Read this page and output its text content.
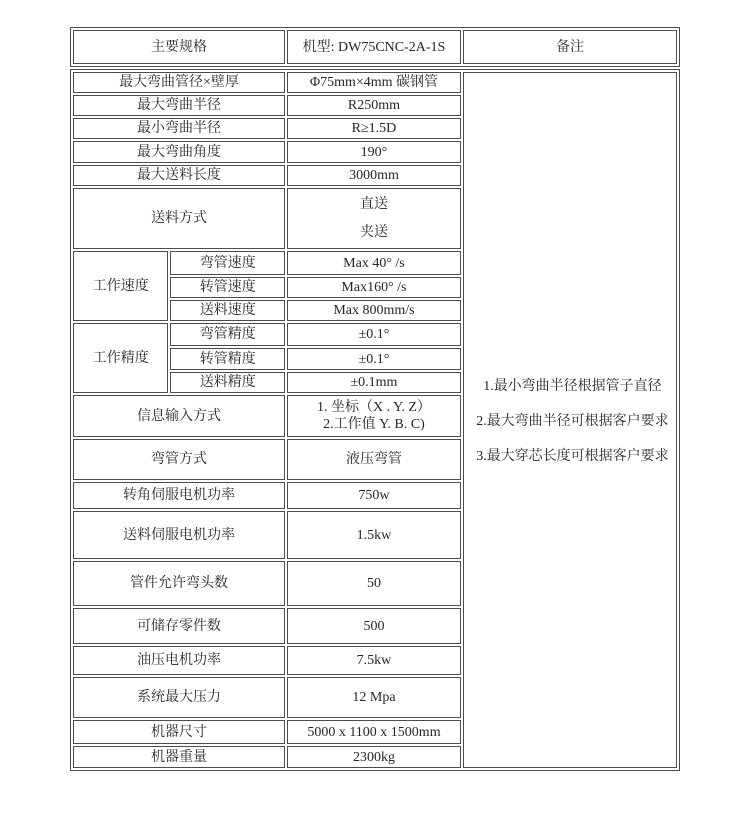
主要规格	机型: DW75CNC-2A-1S	备注
最大弯曲管径×壁厚		Φ75mm×4mm 碳钢管	1.最小弯曲半径根据管子直径
2.最大弯曲半径可根据客户要求
3.最大穿芯长度可根据客户要求

最大弯曲半径		R250mm	
最小弯曲半径		R≥1.5D	
最大弯曲角度		190°	
最大送料长度		3000mm	
送料方式		直送
夹送	

工作速度	弯管速度	Max 40° /s	
	转管速度	Max160° /s	
	送料速度	Max 800mm/s	
工作精度	弯管精度	±0.1°	
	转管精度	±0.1°	
	送料精度	±0.1mm	
信息输入方式		1. 坐标（X . Y. Z）
2.工作值 Y. B. C)	

弯管方式		液压弯管	
转角伺服电机功率		750w	
送料伺服电机功率		1.5kw	
管件允许弯头数		50	
可储存零件数		500	
油压电机功率		7.5kw	
系统最大压力		12 Mpa	
机器尺寸		5000 x 1100 x 1500mm	
机器重量		2300kg	
